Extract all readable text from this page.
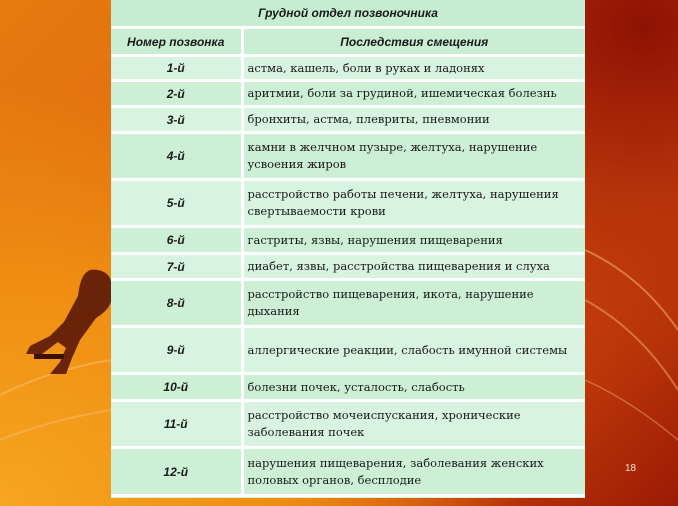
Грудной отдел позвоночника	
Номер позвонка	Последствия смещения
1-й	астма, кашель, боли в руках и ладонях
2-й	аритмии, боли за грудиной, ишемическая болезнь
3-й	бронхиты, астма, плевриты, пневмонии
4-й	камни в желчном пузыре, желтуха, нарушение усвоения жиров
5-й	расстройство работы печени, желтуха, нарушения свертываемости крови
6-й	гастриты, язвы, нарушения пищеварения
7-й	диабет, язвы, расстройства пищеварения и слуха
8-й	расстройство пищеварения, икота, нарушение дыхания
9-й	аллергические реакции, слабость имунной системы
10-й	болезни почек, усталость, слабость
11-й	расстройство мочеиспускания, хронические заболевания почек
12-й	нарушения пищеварения, заболевания женских половых органов, бесплодие
18
